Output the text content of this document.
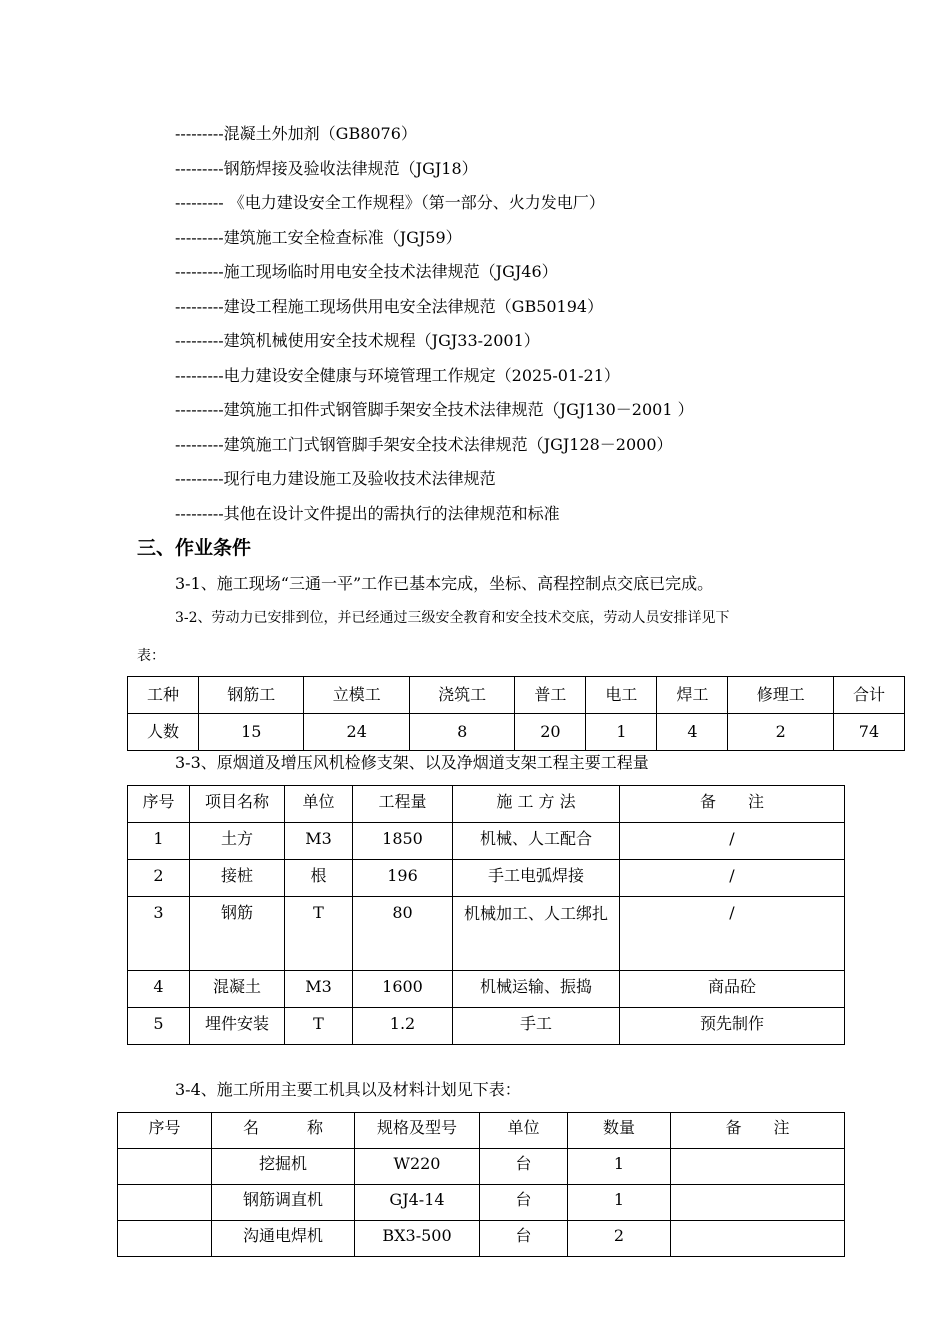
---------混凝土外加剂（GB8076）
---------钢筋焊接及验收法律规范（JGJ18）
--------- 《电力建设安全工作规程》（第一部分、火力发电厂）
---------建筑施工安全检查标准（JGJ59）
---------施工现场临时用电安全技术法律规范（JGJ46）
---------建设工程施工现场供用电安全法律规范（GB50194）
---------建筑机械使用安全技术规程（JGJ33-2001）
---------电力建设安全健康与环境管理工作规定（2025-01-21）
---------建筑施工扣件式钢管脚手架安全技术法律规范（JGJ130－2001 ）
---------建筑施工门式钢管脚手架安全技术法律规范（JGJ128－2000）
---------现行电力建设施工及验收技术法律规范
---------其他在设计文件提出的需执行的法律规范和标准
三、作业条件
3-1、施工现场“三通一平”工作已基本完成，坐标、高程控制点交底已完成。
3-2、劳动力已安排到位，并已经通过三级安全教育和安全技术交底，劳动人员安排详见下
表：
工种	钢筋工	立模工	浇筑工	普工	电工	焊工	修理工	合计
人数	15	24	8	20	1	4	2	74
3-3、原烟道及增压风机检修支架、以及净烟道支架工程主要工程量
序号	项目名称	单位	工程量	施 工 方 法	备　　注
1	土方	M3	1850	机械、人工配合	/
2	接桩	根	196	手工电弧焊接	/
3	钢筋	T	80	机械加工、人工绑扎	/
4	混凝土	M3	1600	机械运输、振捣	商品砼
5	埋件安装	T	1.2	手工	预先制作
3-4、施工所用主要工机具以及材料计划见下表：
序号	名　　　称	规格及型号	单位	数量	备　　注
	挖掘机	W220	台	1	
	钢筋调直机	GJ4-14	台	1	
	沟通电焊机	BX3-500	台	2	
